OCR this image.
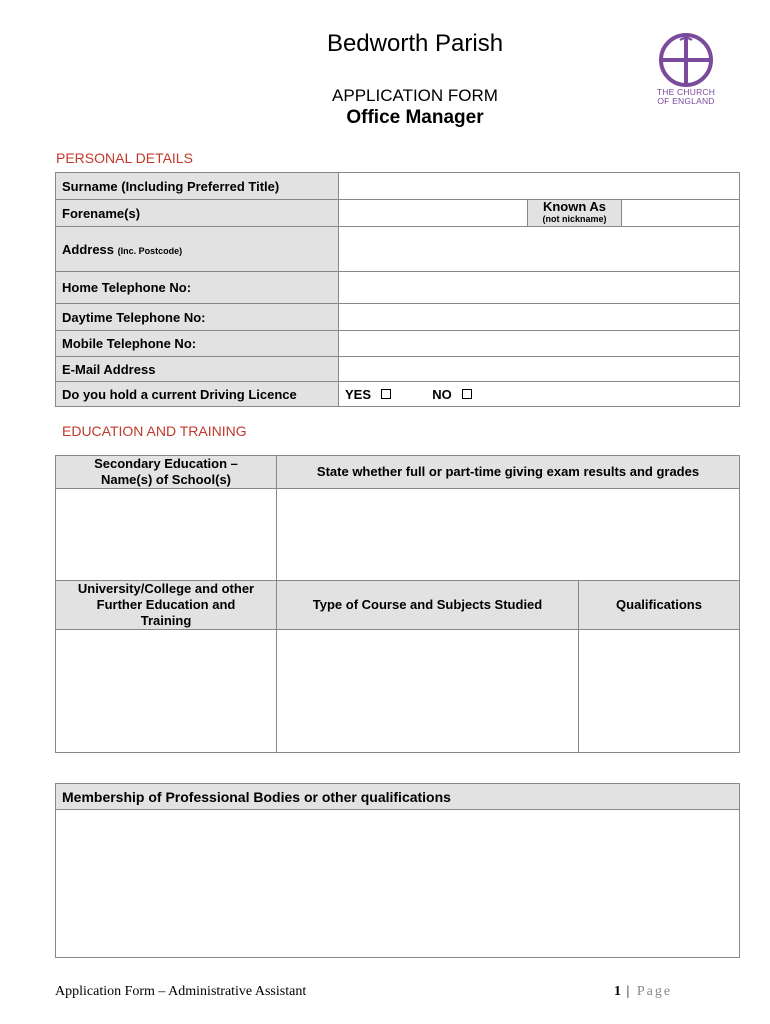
Bedworth Parish
APPLICATION FORM
Office Manager
THE CHURCH
OF ENGLAND
PERSONAL DETAILS
Surname (Including Preferred Title)			
Forename(s)		Known As
(not nickname)	

Address (Inc. Postcode)			
Home Telephone No:			
Daytime Telephone No:			
Mobile Telephone No:			
E-Mail Address			
Do you hold a current Driving Licence	YES NO		
EDUCATION AND TRAINING
Secondary Education –
Name(s) of School(s)	State whether full or part-time giving exam results and grades	

University/College and other
Further Education and
Training	Type of Course and Subjects Studied	Qualifications

Membership of Professional Bodies or other qualifications

Application Form – Administrative Assistant	1 | Page
